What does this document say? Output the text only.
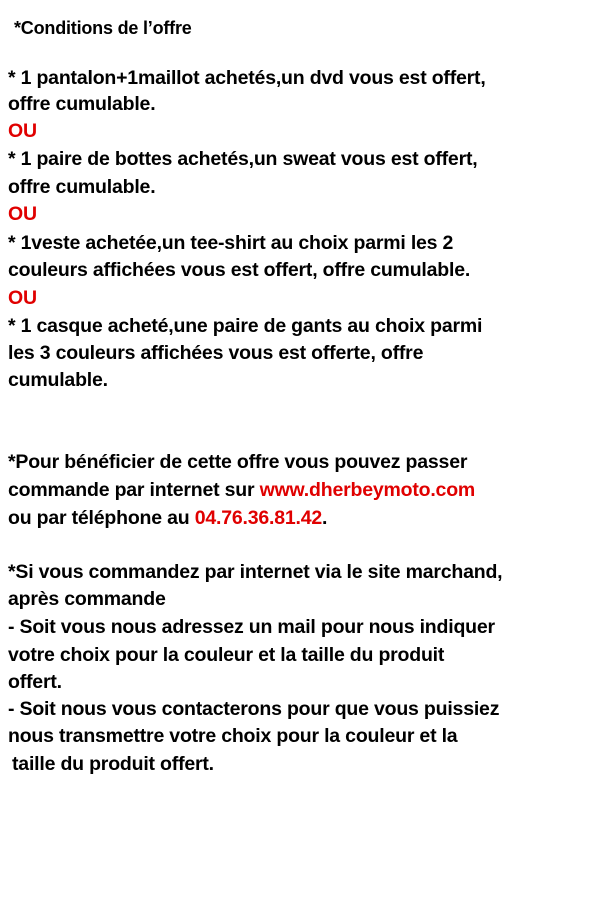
*Conditions de l’offre
* 1 pantalon+1maillot achetés,un dvd vous est offert,
offre cumulable.
OU
* 1 paire de bottes achetés,un sweat vous est offert,
offre cumulable.
OU
* 1veste achetée,un tee-shirt au choix parmi les 2
couleurs affichées vous est offert, offre cumulable.
OU
* 1 casque acheté,une paire de gants au choix parmi
les 3 couleurs affichées vous est offerte, offre
cumulable.
*Pour bénéficier de cette offre vous pouvez passer
commande par internet sur www.dherbeymoto.com
ou par téléphone au 04.76.36.81.42.
*Si vous commandez par internet via le site marchand,
après commande
- Soit vous nous adressez un mail pour nous indiquer
votre choix pour la couleur et la taille du produit
offert.
- Soit nous vous contacterons pour que vous puissiez
nous transmettre votre choix pour la couleur et la
taille du produit offert.
